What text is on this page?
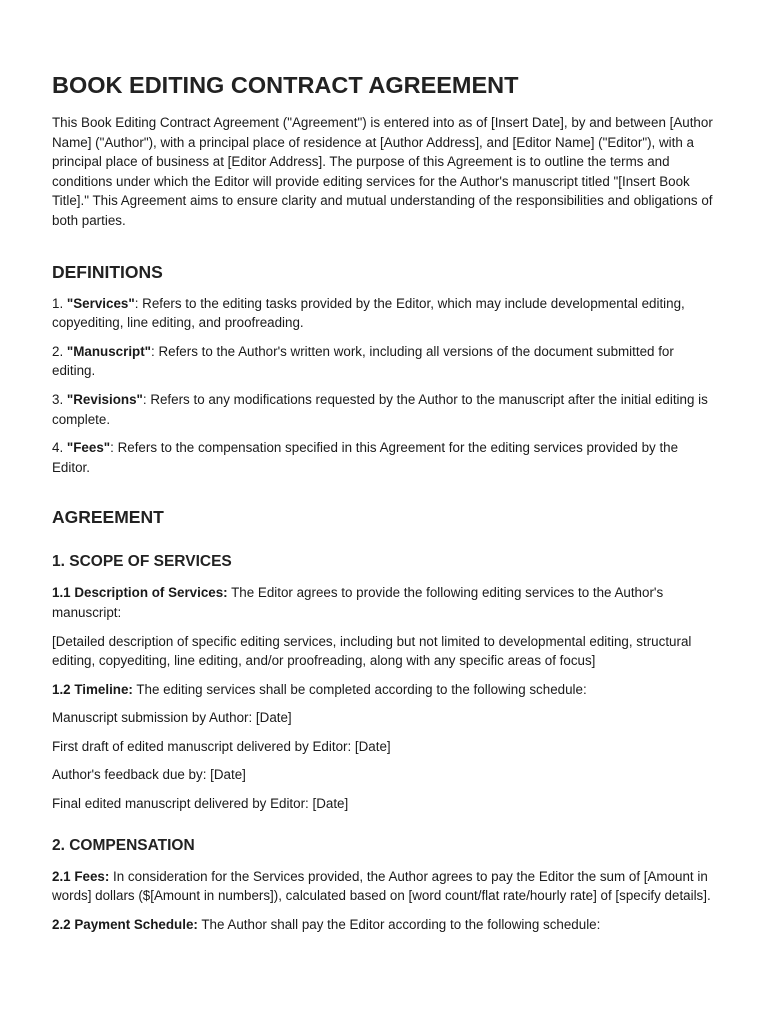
BOOK EDITING CONTRACT AGREEMENT

This Book Editing Contract Agreement ("Agreement") is entered into as of [Insert Date], by and between [Author Name] ("Author"), with a principal place of residence at [Author Address], and [Editor Name] ("Editor"), with a principal place of business at [Editor Address]. The purpose of this Agreement is to outline the terms and conditions under which the Editor will provide editing services for the Author's manuscript titled "[Insert Book Title]." This Agreement aims to ensure clarity and mutual understanding of the responsibilities and obligations of both parties.

DEFINITIONS

1. "Services": Refers to the editing tasks provided by the Editor, which may include developmental editing, copyediting, line editing, and proofreading.

2. "Manuscript": Refers to the Author's written work, including all versions of the document submitted for editing.

3. "Revisions": Refers to any modifications requested by the Author to the manuscript after the initial editing is complete.

4. "Fees": Refers to the compensation specified in this Agreement for the editing services provided by the Editor.

AGREEMENT
1. SCOPE OF SERVICES

1.1 Description of Services: The Editor agrees to provide the following editing services to the Author's manuscript:

[Detailed description of specific editing services, including but not limited to developmental editing, structural editing, copyediting, line editing, and/or proofreading, along with any specific areas of focus]

1.2 Timeline: The editing services shall be completed according to the following schedule:

Manuscript submission by Author: [Date]

First draft of edited manuscript delivered by Editor: [Date]

Author's feedback due by: [Date]

Final edited manuscript delivered by Editor: [Date]

2. COMPENSATION

2.1 Fees: In consideration for the Services provided, the Author agrees to pay the Editor the sum of [Amount in words] dollars ($[Amount in numbers]), calculated based on [word count/flat rate/hourly rate] of [specify details].

2.2 Payment Schedule: The Author shall pay the Editor according to the following schedule:
